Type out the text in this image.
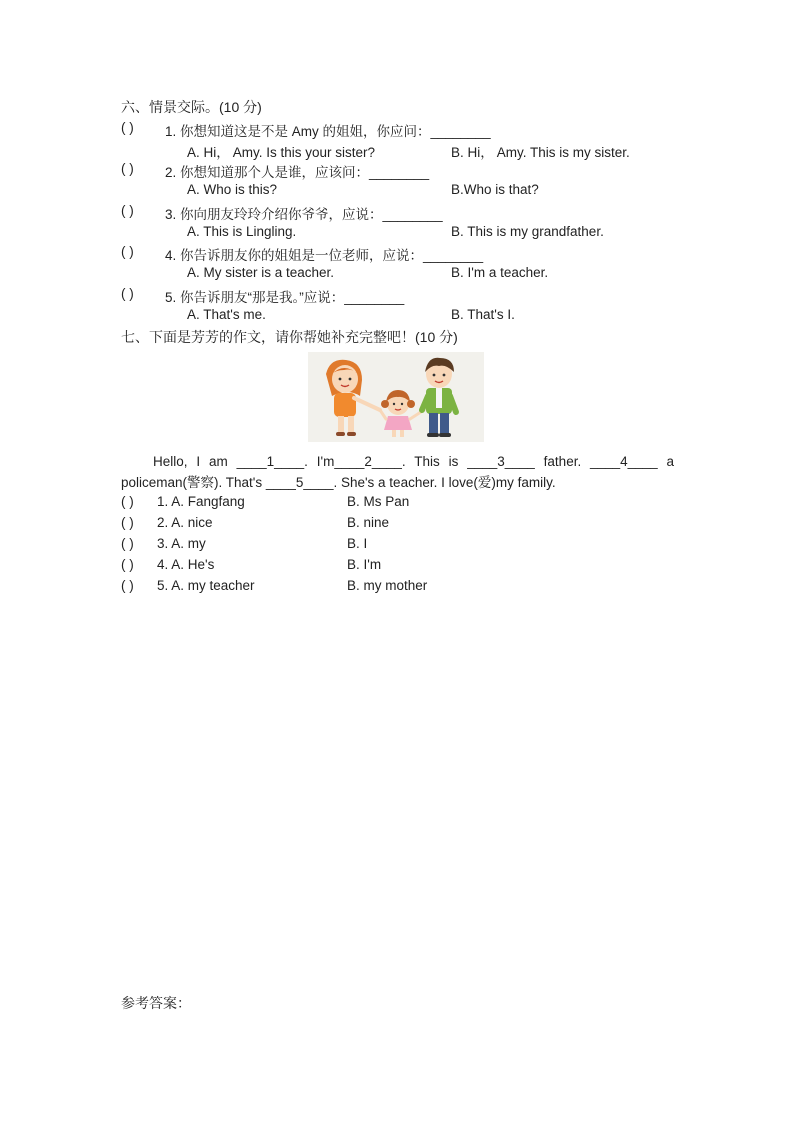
六、情景交际。(10 分)
( ) 1. 你想知道这是不是 Amy 的姐姐，你应问：________
A. Hi， Amy. Is this your sister?	B. Hi， Amy. This is my sister.
( ) 2. 你想知道那个人是谁，应该问：________
A. Who is this?	B.Who is that?
( ) 3. 你向朋友玲玲介绍你爷爷，应说：________
A. This is Lingling.	B. This is my grandfather.
( ) 4. 你告诉朋友你的姐姐是一位老师，应说：________
A. My sister is a teacher.	B. I'm a teacher.
( ) 5. 你告诉朋友“那是我。”应说：________
A. That's me.	B. That's I.
七、下面是芳芳的作文，请你帮她补充完整吧！(10 分)
Hello, I am ____1____. I'm____2____. This is ____3____ father. ____4____ a
policeman(警察). That's ____5____. She's a teacher. I love(爱)my family.
( ) 1. A. Fangfang	B. Ms Pan
( ) 2. A. nice	B. nine
( ) 3. A. my	B. I
( ) 4. A. He's	B. I'm
( ) 5. A. my teacher	B. my mother
参考答案：
